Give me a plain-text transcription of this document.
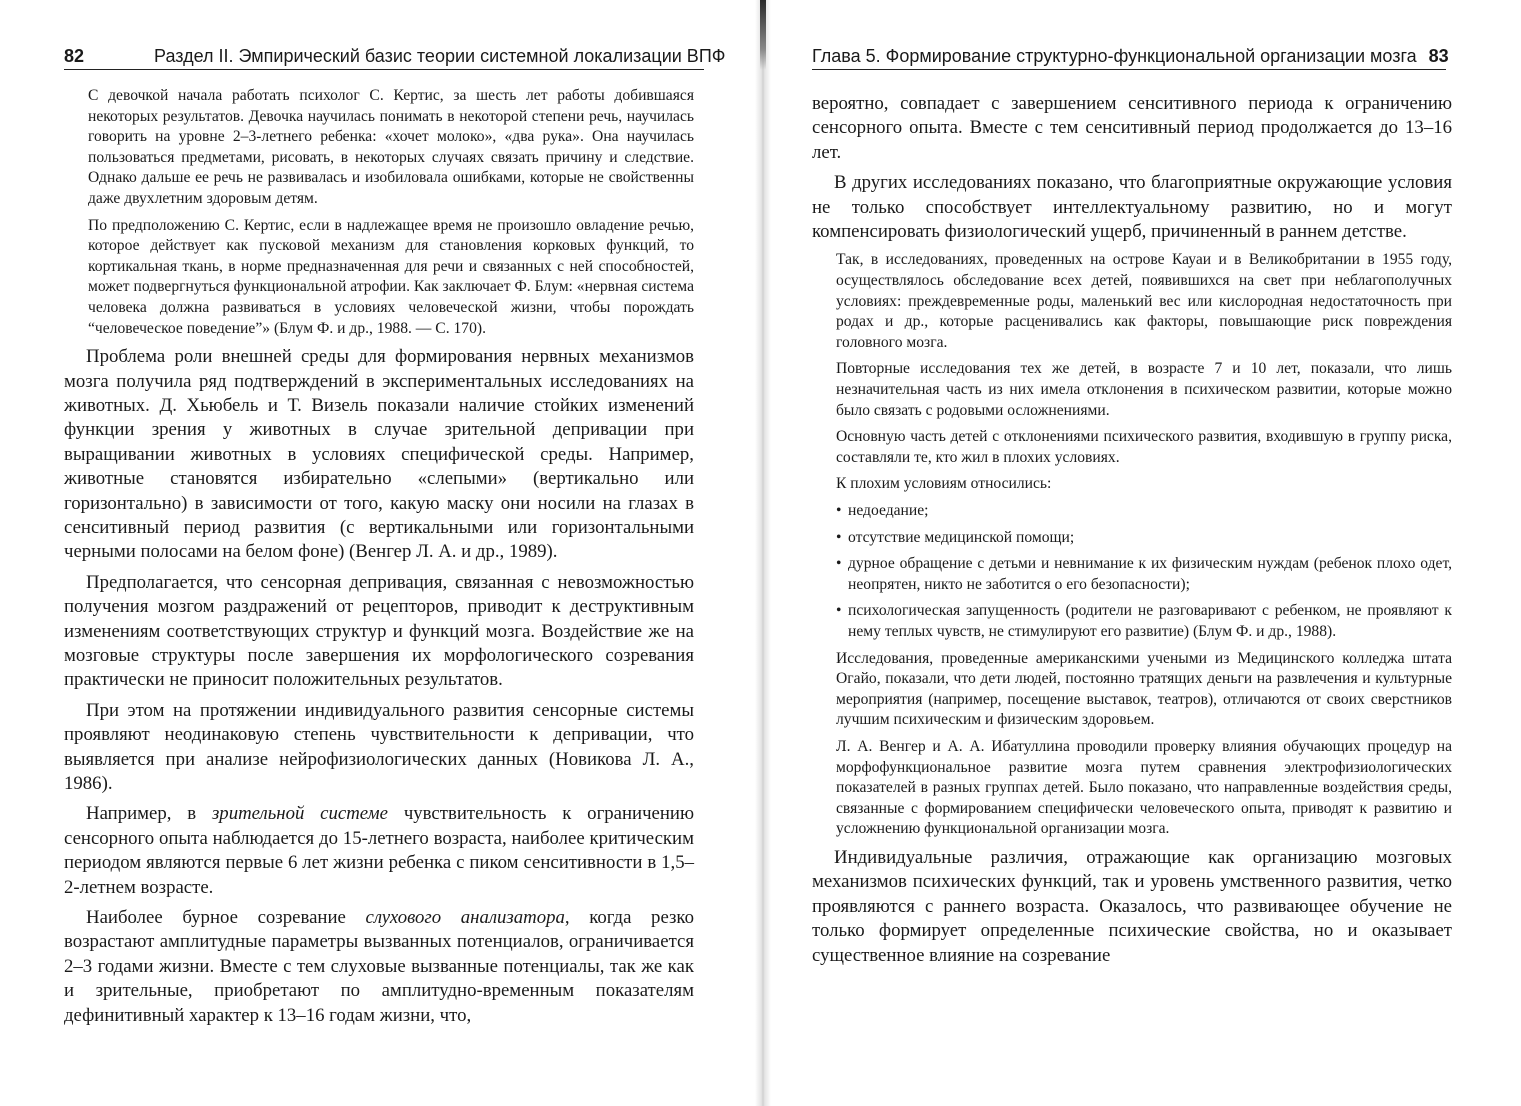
82	Раздел II. Эмпирический базис теории системной локализации ВПФ

С девочкой начала работать психолог С. Кертис, за шесть лет работы добившаяся некоторых результатов. Девочка научилась понимать в некоторой степени речь, научилась говорить на уровне 2–3-летнего ребенка: «хочет молоко», «два рука». Она научилась пользоваться предметами, рисовать, в некоторых случаях связать причину и следствие. Однако дальше ее речь не развивалась и изобиловала ошибками, которые не свойственны даже двухлетним здоровым детям.

По предположению С. Кертис, если в надлежащее время не произошло овладение речью, которое действует как пусковой механизм для становления корковых функций, то кортикальная ткань, в норме предназначенная для речи и связанных с ней способностей, может подвергнуться функциональной атрофии. Как заключает Ф. Блум: «нервная система человека должна развиваться в условиях человеческой жизни, чтобы порождать “человеческое поведение”» (Блум Ф. и др., 1988. — С. 170).

Проблема роли внешней среды для формирования нервных механизмов мозга получила ряд подтверждений в экспериментальных исследованиях на животных. Д. Хьюбель и Т. Визель показали наличие стойких изменений функции зрения у животных в случае зрительной депривации при выращивании животных в условиях специфической среды. Например, животные становятся избирательно «слепыми» (вертикально или горизонтально) в зависимости от того, какую маску они носили на глазах в сенситивный период развития (с вертикальными или горизонтальными черными полосами на белом фоне) (Венгер Л. А. и др., 1989).

Предполагается, что сенсорная депривация, связанная с невозможностью получения мозгом раздражений от рецепторов, приводит к деструктивным изменениям соответствующих структур и функций мозга. Воздействие же на мозговые структуры после завершения их морфологического созревания практически не приносит положительных результатов.

При этом на протяжении индивидуального развития сенсорные системы проявляют неодинаковую степень чувствительности к депривации, что выявляется при анализе нейрофизиологических данных (Новикова Л. А., 1986).

Например, в зрительной системе чувствительность к ограничению сенсорного опыта наблюдается до 15-летнего возраста, наиболее критическим периодом являются первые 6 лет жизни ребенка с пиком сенситивности в 1,5–2-летнем возрасте.

Наиболее бурное созревание слухового анализатора, когда резко возрастают амплитудные параметры вызванных потенциалов, ограничивается 2–3 годами жизни. Вместе с тем слуховые вызванные потенциалы, так же как и зрительные, приобретают по амплитудно-временным показателям дефинитивный характер к 13–16 годам жизни, что,

Глава 5. Формирование структурно-функциональной организации мозга 83

вероятно, совпадает с завершением сенситивного периода к ограничению сенсорного опыта. Вместе с тем сенситивный период продолжается до 13–16 лет.

В других исследованиях показано, что благоприятные окружающие условия не только способствует интеллектуальному развитию, но и могут компенсировать физиологический ущерб, причиненный в раннем детстве.

Так, в исследованиях, проведенных на острове Кауаи и в Великобритании в 1955 году, осуществлялось обследование всех детей, появившихся на свет при неблагополучных условиях: преждевременные роды, маленький вес или кислородная недостаточность при родах и др., которые расценивались как факторы, повышающие риск повреждения головного мозга.

Повторные исследования тех же детей, в возрасте 7 и 10 лет, показали, что лишь незначительная часть из них имела отклонения в психическом развитии, которые можно было связать с родовыми осложнениями.

Основную часть детей с отклонениями психического развития, входившую в группу риска, составляли те, кто жил в плохих условиях.

К плохим условиям относились:

• недоедание;
• отсутствие медицинской помощи;
• дурное обращение с детьми и невнимание к их физическим нуждам (ребенок плохо одет, неопрятен, никто не заботится о его безопасности);
• психологическая запущенность (родители не разговаривают с ребенком, не проявляют к нему теплых чувств, не стимулируют его развитие) (Блум Ф. и др., 1988).

Исследования, проведенные американскими учеными из Медицинского колледжа штата Огайо, показали, что дети людей, постоянно тратящих деньги на развлечения и культурные мероприятия (например, посещение выставок, театров), отличаются от своих сверстников лучшим психическим и физическим здоровьем.

Л. А. Венгер и А. А. Ибатуллина проводили проверку влияния обучающих процедур на морфофункциональное развитие мозга путем сравнения электрофизиологических показателей в разных группах детей. Было показано, что направленные воздействия среды, связанные с формированием специфически человеческого опыта, приводят к развитию и усложнению функциональной организации мозга.

Индивидуальные различия, отражающие как организацию мозговых механизмов психических функций, так и уровень умственного развития, четко проявляются с раннего возраста. Оказалось, что развивающее обучение не только формирует определенные психические свойства, но и оказывает существенное влияние на созревание
